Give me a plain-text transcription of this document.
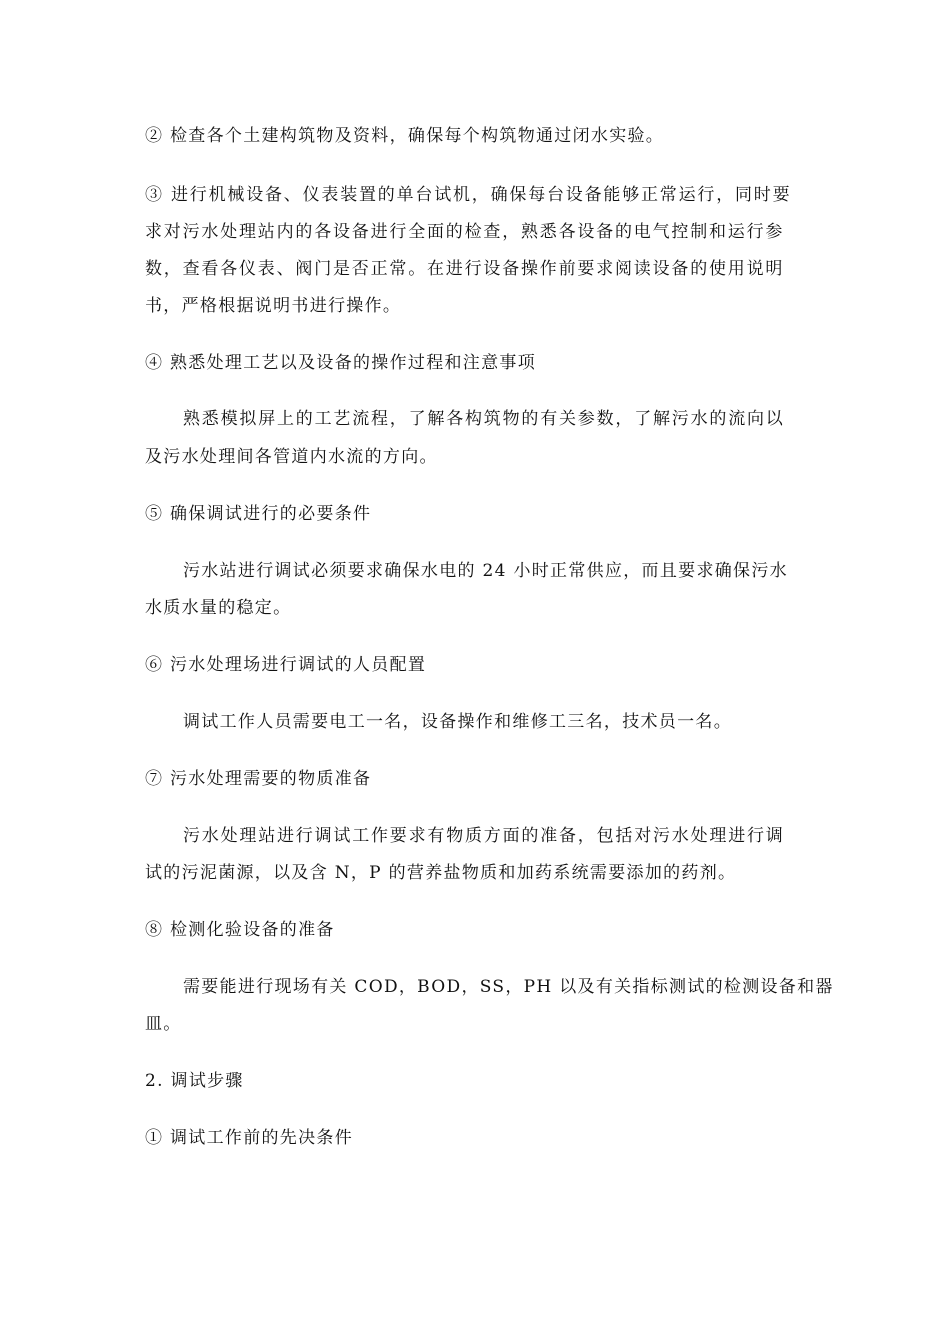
② 检查各个土建构筑物及资料，确保每个构筑物通过闭水实验。
③ 进行机械设备、仪表装置的单台试机，确保每台设备能够正常运行，同时要
求对污水处理站内的各设备进行全面的检查，熟悉各设备的电气控制和运行参
数，查看各仪表、阀门是否正常。在进行设备操作前要求阅读设备的使用说明
书，严格根据说明书进行操作。
④ 熟悉处理工艺以及设备的操作过程和注意事项
熟悉模拟屏上的工艺流程，了解各构筑物的有关参数，了解污水的流向以
及污水处理间各管道内水流的方向。
⑤ 确保调试进行的必要条件
污水站进行调试必须要求确保水电的 24 小时正常供应，而且要求确保污水
水质水量的稳定。
⑥ 污水处理场进行调试的人员配置
调试工作人员需要电工一名，设备操作和维修工三名，技术员一名。
⑦ 污水处理需要的物质准备
污水处理站进行调试工作要求有物质方面的准备，包括对污水处理进行调
试的污泥菌源，以及含 N，P 的营养盐物质和加药系统需要添加的药剂。
⑧ 检测化验设备的准备
需要能进行现场有关 COD，BOD，SS，PH 以及有关指标测试的检测设备和器
皿。
2. 调试步骤
① 调试工作前的先决条件
